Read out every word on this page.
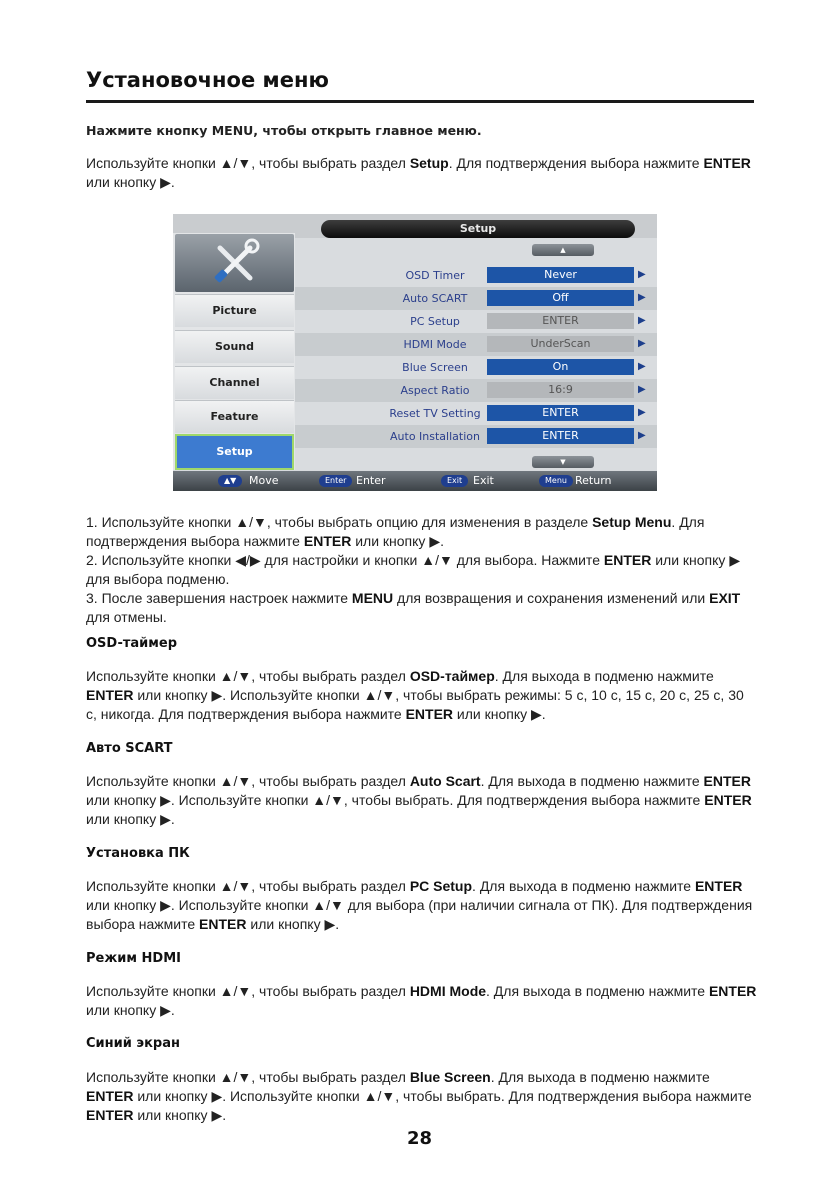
Установочное меню

Нажмите кнопку MENU, чтобы открыть главное меню.

Используйте кнопки ▲/▼, чтобы выбрать раздел Setup. Для подтверждения выбора нажмите ENTER или кнопку ▶.

Setup
Picture
Sound
Channel
Feature
Setup
▲
OSD Timer	Never	▶
Auto SCART	Off	▶
PC Setup	ENTER	▶
HDMI Mode	UnderScan	▶
Blue Screen	On	▶
Aspect Ratio	16:9	▶
Reset TV Setting	ENTER	▶
Auto Installation	ENTER	▶
▼
▲▼	Move	Enter Enter	Exit Exit	Menu Return

1. Используйте кнопки ▲/▼, чтобы выбрать опцию для изменения в разделе Setup Menu. Для подтверждения выбора нажмите ENTER или кнопку ▶.

2. Используйте кнопки ◀/▶ для настройки и кнопки ▲/▼ для выбора. Нажмите ENTER или кнопку ▶ для выбора подменю.

3. После завершения настроек нажмите MENU для возвращения и сохранения изменений или EXIT для отмены.

OSD-таймер

Используйте кнопки ▲/▼, чтобы выбрать раздел OSD-таймер. Для выхода в подменю нажмите ENTER или кнопку ▶. Используйте кнопки ▲/▼, чтобы выбрать режимы: 5 с, 10 с, 15 с, 20 с, 25 с, 30 с, никогда. Для подтверждения выбора нажмите ENTER или кнопку ▶.

Авто SCART

Используйте кнопки ▲/▼, чтобы выбрать раздел Auto Scart. Для выхода в подменю нажмите ENTER или кнопку ▶. Используйте кнопки ▲/▼, чтобы выбрать. Для подтверждения выбора нажмите ENTER или кнопку ▶.

Установка ПК

Используйте кнопки ▲/▼, чтобы выбрать раздел PC Setup. Для выхода в подменю нажмите ENTER или кнопку ▶. Используйте кнопки ▲/▼ для выбора (при наличии сигнала от ПК). Для подтверждения выбора нажмите ENTER или кнопку ▶.

Режим HDMI

Используйте кнопки ▲/▼, чтобы выбрать раздел HDMI Mode. Для выхода в подменю нажмите ENTER или кнопку ▶.

Синий экран

Используйте кнопки ▲/▼, чтобы выбрать раздел Blue Screen. Для выхода в подменю нажмите ENTER или кнопку ▶. Используйте кнопки ▲/▼, чтобы выбрать. Для подтверждения выбора нажмите ENTER или кнопку ▶.

28
